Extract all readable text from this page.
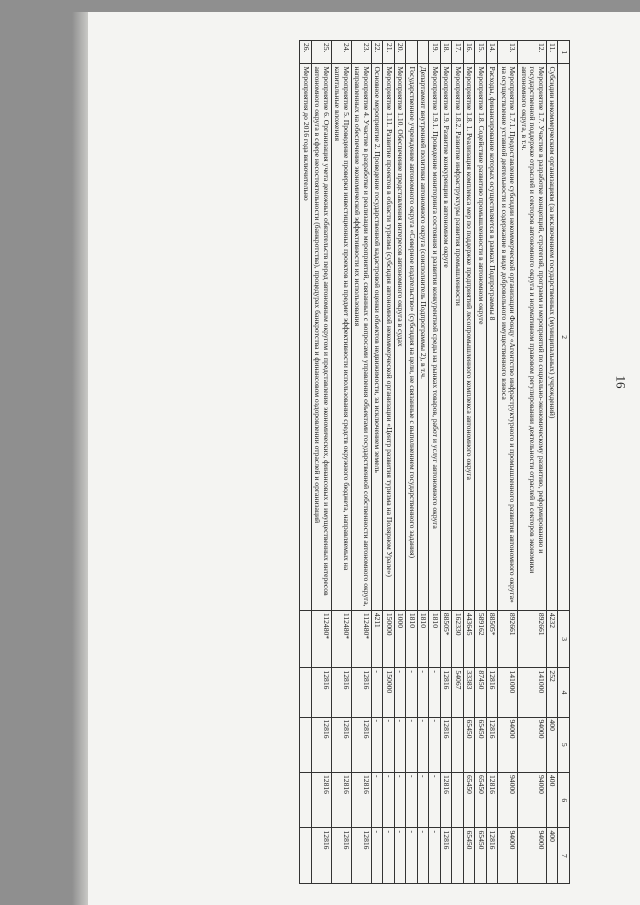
16
1	2	3	4	5	6	7
11.	Субсидии некоммерческим организациям (за исключением государственных (муниципальных) учреждений)	4232	252	400	400	400
12.	Мероприятие 1.7. Участие в разработке концепций, стратегий, программ и мероприятий по социально-экономическому развитию, реформированию и государственной поддержке отраслей и секторов автономного округа и нормативном правовом регулировании деятельности отраслей и секторов экономики автономного округа, в т.ч.	892661	141000	94000	94000	94000
13.	Мероприятие 1.7.1. Предоставление субсидии некоммерческой организации Фонду «Агентство инфраструктурного и промышленного развития автономного округа» на осуществление уставной деятельности и содержание в виде добровольного имущественного взноса	892661	141000	94000	94000	94000
14.	Расходы, финансирование которых осуществляется в рамках Подпрограммы 8	88505*	12816	12816	12816	12816
15.	Мероприятие 1.8. Содействие развитию промышленности в автономном округе	589162	87450	65450	65450	65450
16.	Мероприятие 1.8. 1. Реализация комплекса мер по поддержке предприятий лесопромышленного комплекса автономного округа	443645	33383	65450	65450	65450
17.	Мероприятие 1.8.2. Развитие инфраструктуры развития промышленности	162330	54067			
18.	Мероприятие 1.9. Развитие конкуренции в автономном округе	88505*	12816	12816	12816	12816
19.	Мероприятие 1.9.1. Проведение мониторинга состояния и развития конкурентной среды на рынках товаров, работ и услуг автономного округа	1810	-	-	-	-
	Департамент внутренней политики автономного округа (соисполнитель Подпрограммы 2), в т.ч.	1810	-	-	-	-
	Государственное учреждение автономного округа «Северное издательство» (субсидия на цели, не связанные с выполнением государственного задания)	1810	-	-	-	-
20.	Мероприятие 1.10. Обеспечение представления интересов автономного округа в судах	1000	-	-	-	-
21.	Мероприятие 1.11. Развитие проектов в области туризма (субсидия автономной некоммерческой организации «Центр развития туризма на Полярном Урале»)	150000	150000	-	-	-
22.	Основное мероприятие 2. Проведение государственной кадастровой оценки объектов недвижимости, за исключением земель	4211	-	-	-	-
23.	Мероприятие 4. Участие в разработке и реализации мероприятий, связанных с вопросами управления объектами государственной собственности автономного округа, направленных на обеспечение экономической эффективности их использования	112480*	12816	12816	12816	12816
24.	Мероприятие 5. Проведение проверки инвестиционных проектов на предмет эффективности использования средств окружного бюджета, направляемых на капитальные вложения	112480*	12816	12816	12816	12816
25.	Мероприятие 6. Организация учета денежных обязательств перед автономным округом и представление экономических, финансовых и имущественных интересов автономного округа в сфере несостоятельности (банкротства), процедурах банкротства и финансовом оздоровлении отраслей и организаций	112480*	12816	12816	12816	12816
26.	Мероприятия до 2016 года включительно					
